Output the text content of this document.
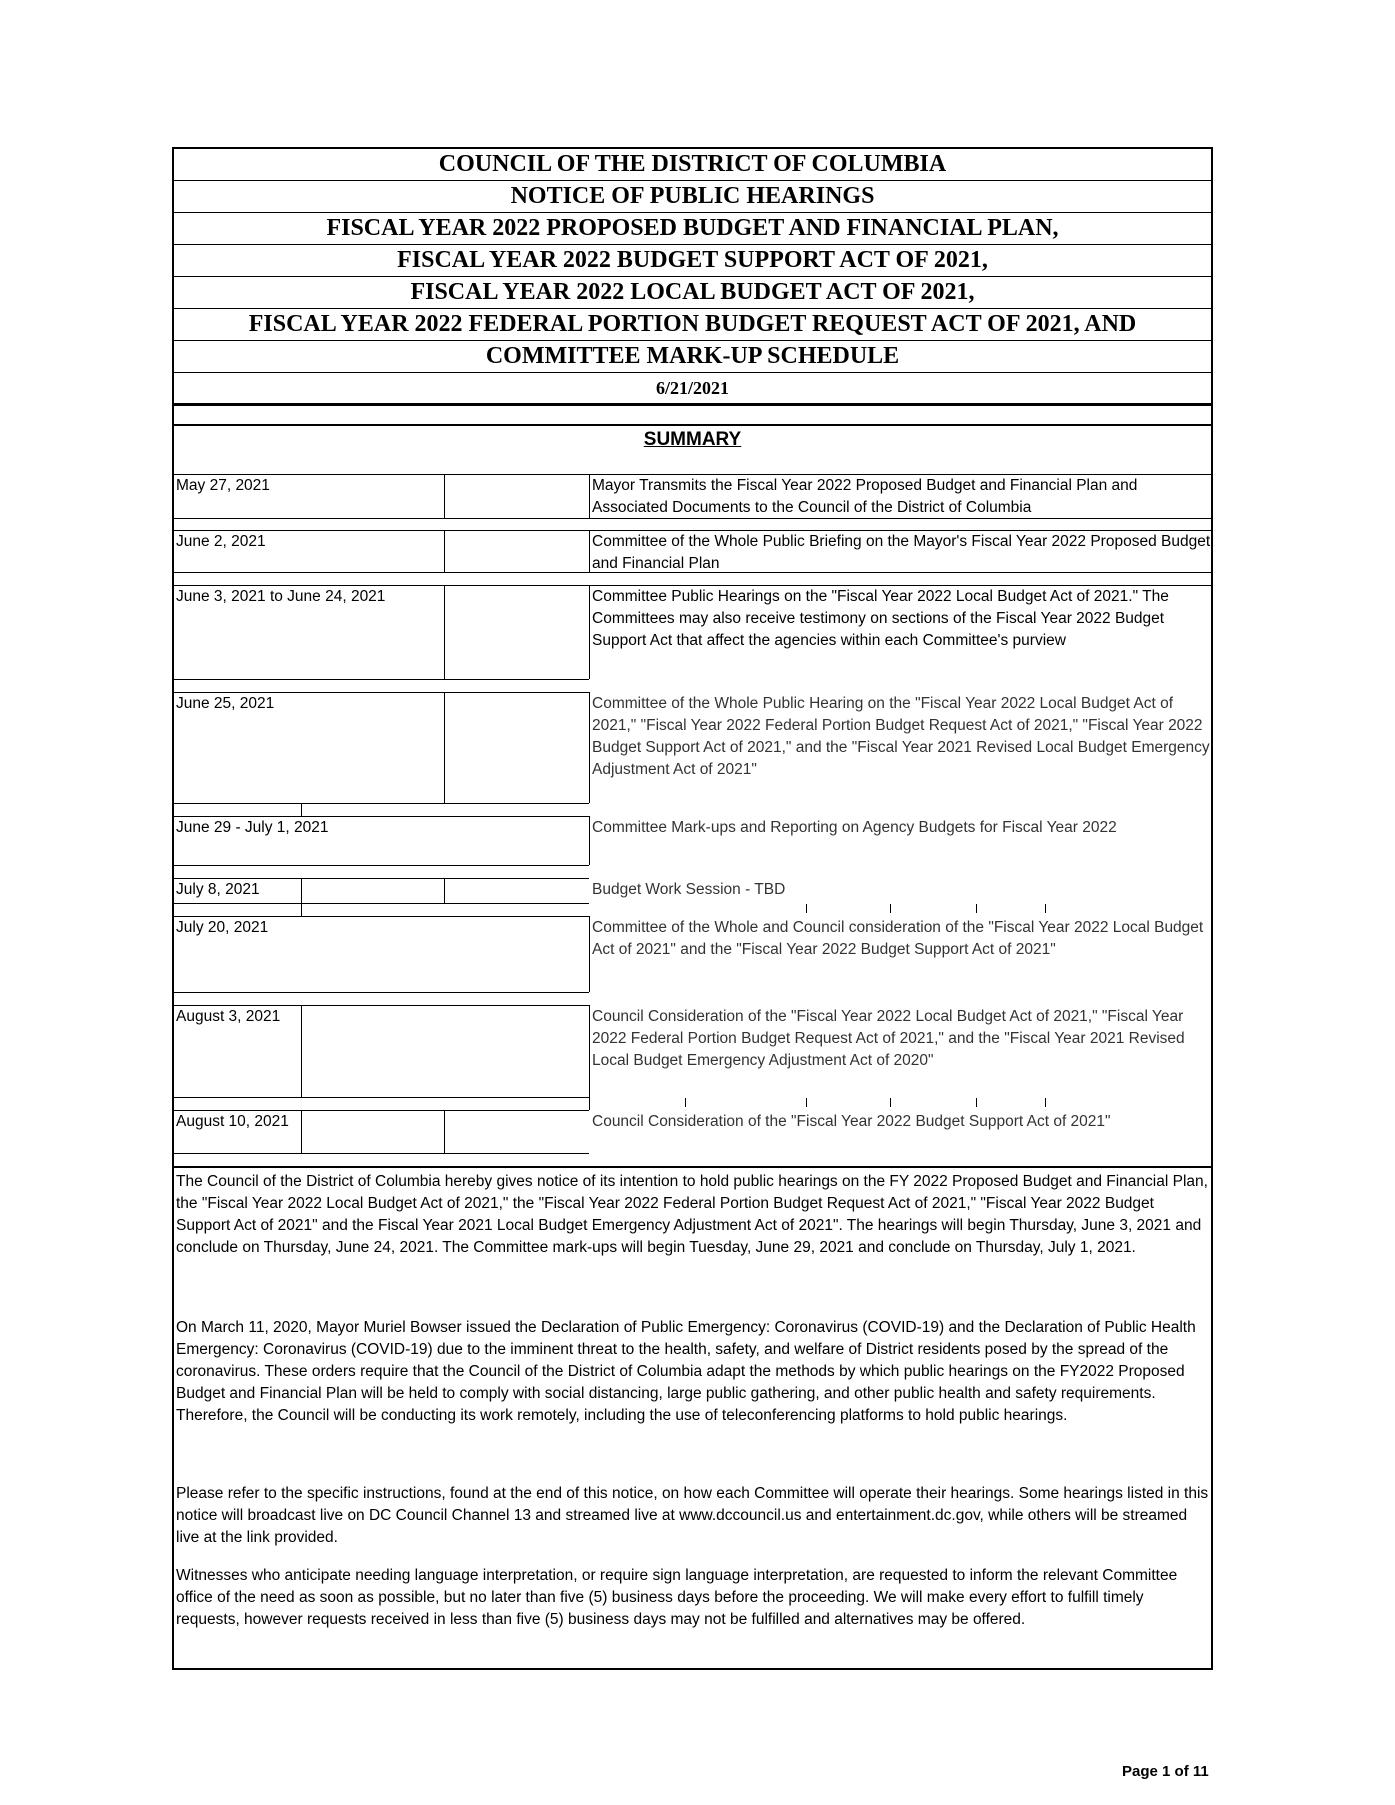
COUNCIL OF THE DISTRICT OF COLUMBIA
NOTICE OF PUBLIC HEARINGS
FISCAL YEAR 2022 PROPOSED BUDGET AND FINANCIAL PLAN,
FISCAL YEAR 2022 BUDGET SUPPORT ACT OF 2021,
FISCAL YEAR 2022 LOCAL BUDGET ACT OF 2021,
FISCAL YEAR 2022 FEDERAL PORTION BUDGET REQUEST ACT OF 2021, AND
COMMITTEE MARK-UP SCHEDULE
6/21/2021
SUMMARY
May 27, 2021
June 2, 2021
June 3, 2021 to June 24, 2021
June 25, 2021
June 29 - July 1, 2021
July 8, 2021
July 20, 2021
August 3, 2021
August 10, 2021
Mayor Transmits the Fiscal Year 2022 Proposed Budget and Financial Plan and Associated Documents to the Council of the District of Columbia
Committee of the Whole Public Briefing on the Mayor's Fiscal Year 2022 Proposed Budget and Financial Plan
Committee Public Hearings on the "Fiscal Year 2022 Local Budget Act of 2021." The Committees may also receive testimony on sections of the Fiscal Year 2022 Budget Support Act that affect the agencies within each Committee's purview
Committee of the Whole Public Hearing on the "Fiscal Year 2022 Local Budget Act of 2021," "Fiscal Year 2022 Federal Portion Budget Request Act of 2021," "Fiscal Year 2022 Budget Support Act of 2021," and the "Fiscal Year 2021 Revised Local Budget Emergency Adjustment Act of 2021"
Committee Mark-ups and Reporting on Agency Budgets for Fiscal Year 2022
Budget Work Session - TBD
Committee of the Whole and Council consideration of the "Fiscal Year 2022 Local Budget Act of 2021" and the "Fiscal Year 2022 Budget Support Act of 2021"
Council Consideration of the "Fiscal Year 2022 Local Budget Act of 2021," "Fiscal Year 2022 Federal Portion Budget Request Act of 2021," and the "Fiscal Year 2021 Revised Local Budget Emergency Adjustment Act of 2020"
Council Consideration of the "Fiscal Year 2022 Budget Support Act of 2021"
The Council of the District of Columbia hereby gives notice of its intention to hold public hearings on the FY 2022 Proposed Budget and Financial Plan, the "Fiscal Year 2022 Local Budget Act of 2021," the "Fiscal Year 2022 Federal Portion Budget Request Act of 2021," "Fiscal Year 2022 Budget Support Act of 2021" and the Fiscal Year 2021 Local Budget Emergency Adjustment Act of 2021". The hearings will begin Thursday, June 3, 2021 and conclude on Thursday, June 24, 2021. The Committee mark-ups will begin Tuesday, June 29, 2021 and conclude on Thursday, July 1, 2021.
On March 11, 2020, Mayor Muriel Bowser issued the Declaration of Public Emergency: Coronavirus (COVID-19) and the Declaration of Public Health Emergency: Coronavirus (COVID-19) due to the imminent threat to the health, safety, and welfare of District residents posed by the spread of the coronavirus. These orders require that the Council of the District of Columbia adapt the methods by which public hearings on the FY2022 Proposed Budget and Financial Plan will be held to comply with social distancing, large public gathering, and other public health and safety requirements. Therefore, the Council will be conducting its work remotely, including the use of teleconferencing platforms to hold public hearings.
Please refer to the specific instructions, found at the end of this notice, on how each Committee will operate their hearings. Some hearings listed in this notice will broadcast live on DC Council Channel 13 and streamed live at www.dccouncil.us and entertainment.dc.gov, while others will be streamed live at the link provided.
Witnesses who anticipate needing language interpretation, or require sign language interpretation, are requested to inform the relevant Committee office of the need as soon as possible, but no later than five (5) business days before the proceeding. We will make every effort to fulfill timely requests, however requests received in less than five (5) business days may not be fulfilled and alternatives may be offered.
Page 1 of 11
